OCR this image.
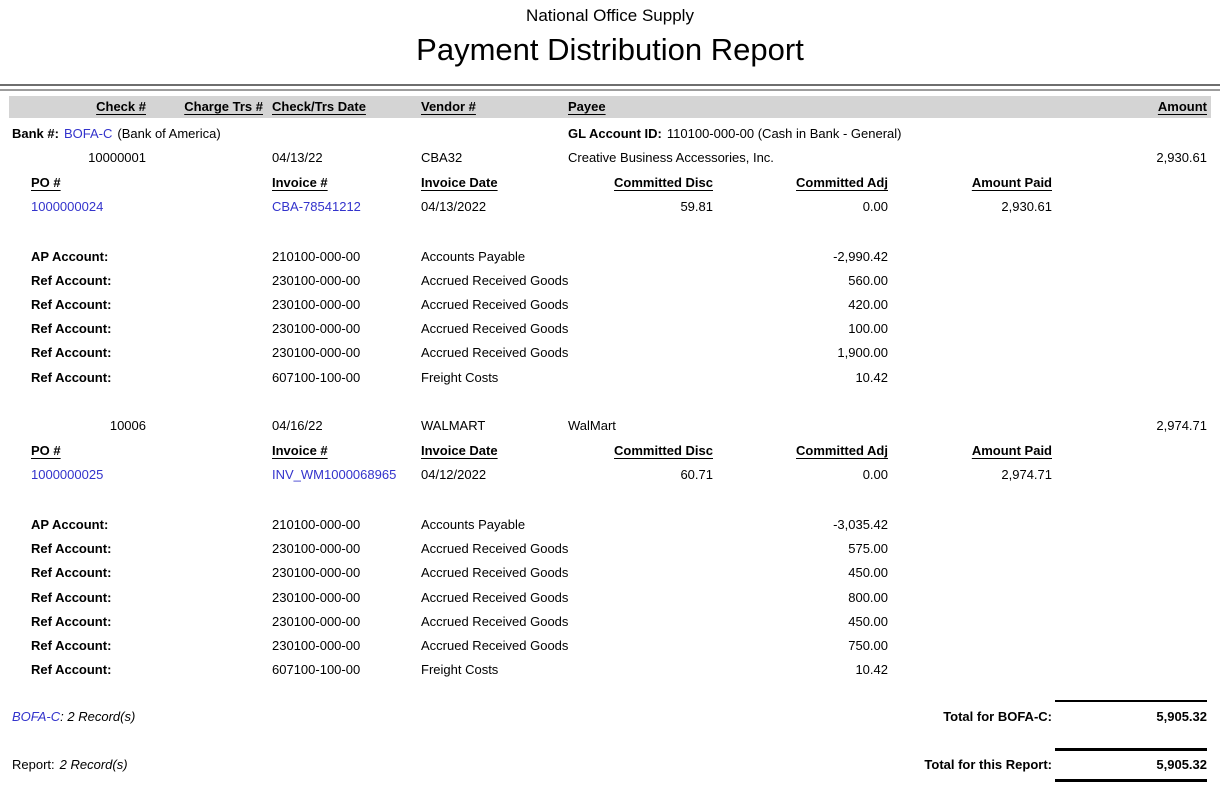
National Office Supply
Payment Distribution Report
Check #	Charge Trs # Check/Trs Date	Vendor #	Payee	Amount
Bank #: BOFA-C (Bank of America)	GL Account ID: 110100-000-00 (Cash in Bank - General)
10000001	04/13/22	CBA32	Creative Business Accessories, Inc.	2,930.61
PO #	Invoice #	Invoice Date	Committed Disc	Committed Adj	Amount Paid
1000000024	CBA-78541212	04/13/2022	59.81	0.00	2,930.61
AP Account:	210100-000-00	Accounts Payable	-2,990.42
Ref Account:	230100-000-00	Accrued Received Goods	560.00
Ref Account:	230100-000-00	Accrued Received Goods	420.00
Ref Account:	230100-000-00	Accrued Received Goods	100.00
Ref Account:	230100-000-00	Accrued Received Goods	1,900.00
Ref Account:	607100-100-00	Freight Costs	10.42
10006	04/16/22	WALMART	WalMart	2,974.71
PO #	Invoice #	Invoice Date	Committed Disc	Committed Adj	Amount Paid
1000000025	INV_WM1000068965 04/12/2022	60.71	0.00	2,974.71
AP Account:	210100-000-00	Accounts Payable	-3,035.42
Ref Account:	230100-000-00	Accrued Received Goods	575.00
Ref Account:	230100-000-00	Accrued Received Goods	450.00
Ref Account:	230100-000-00	Accrued Received Goods	800.00
Ref Account:	230100-000-00	Accrued Received Goods	450.00
Ref Account:	230100-000-00	Accrued Received Goods	750.00
Ref Account:	607100-100-00	Freight Costs	10.42
BOFA-C: 2 Record(s)	Total for BOFA-C:	5,905.32
Report: 2 Record(s)	Total for this Report:	5,905.32
